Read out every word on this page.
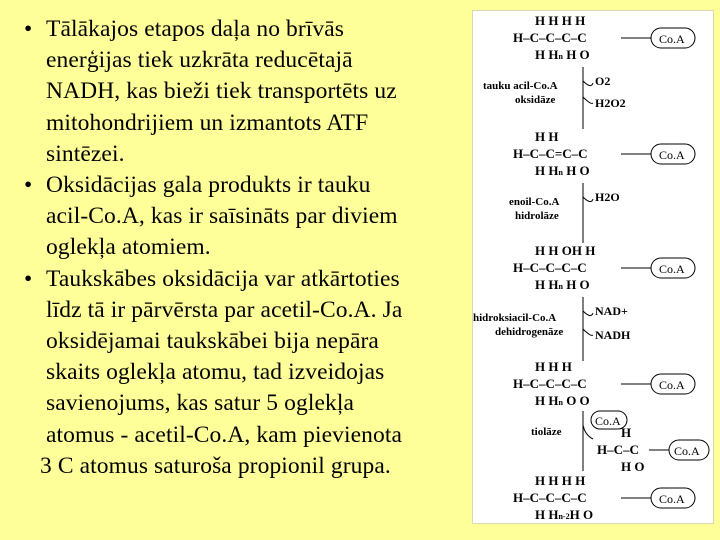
• Tālākajos etapos daļa no brīvās
enerģijas tiek uzkrāta reducētajā
NADH, kas bieži tiek transportēts uz
mitohondrijiem un izmantots ATF
sintēzei.
• Oksidācijas gala produkts ir tauku
acil-Co.A, kas ir saīsināts par diviem
oglekļa atomiem.
• Taukskābes oksidācija var atkārtoties
līdz tā ir pārvērsta par acetil-Co.A. Ja
oksidējamai taukskābei bija nepāra
skaits oglekļa atomu, tad izveidojas
savienojums, kas satur 5 oglekļa
atomus - acetil-Co.A, kam pievienota
3 C atomus saturoša propionil grupa.
H H H H
H–C–C–C–C
H Hn H O
Co.A
tauku acil-Co.A
oksidāze
O2
H2O2
H H
H–C–C=C–C
H Hn H O
Co.A
enoil-Co.A
hidrolāze
H2O
H H OH H
H–C–C–C–C
H Hn H O
Co.A
hidroksiacil-Co.A
dehidrogenāze
NAD+
NADH
H H H
H–C–C–C–C
H Hn O O
Co.A
tiolāze
Co.A
H
H–C–C
H O
Co.A
H H H H
H–C–C–C–C
H Hn-2H O
Co.A
